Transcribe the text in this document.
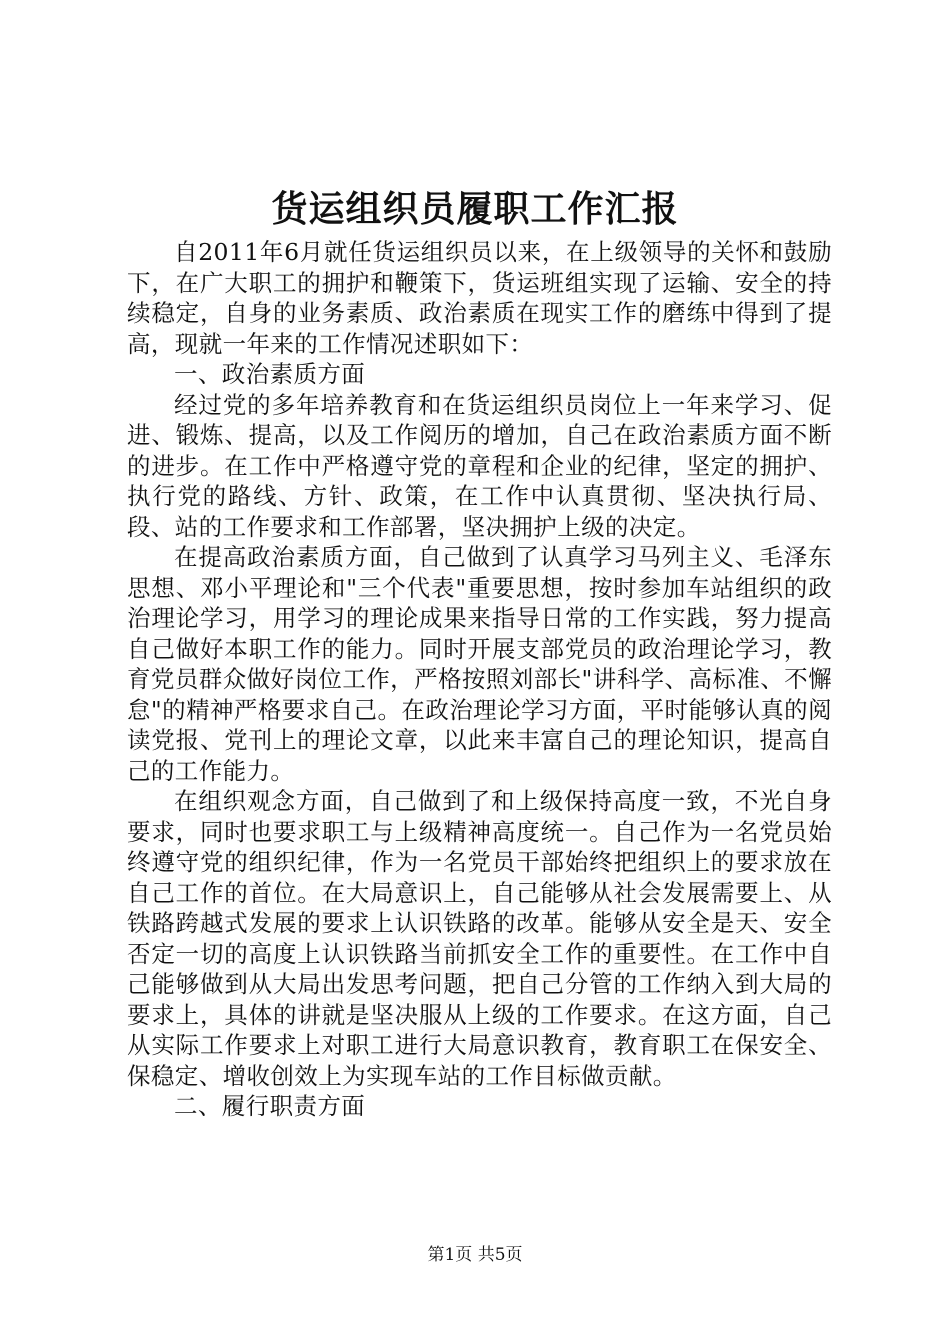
货运组织员履职工作汇报

自2011年6月就任货运组织员以来，在上级领导的关怀和鼓励下，在广大职工的拥护和鞭策下，货运班组实现了运输、安全的持续稳定，自身的业务素质、政治素质在现实工作的磨练中得到了提高，现就一年来的工作情况述职如下：

一、政治素质方面

经过党的多年培养教育和在货运组织员岗位上一年来学习、促进、锻炼、提高，以及工作阅历的增加，自己在政治素质方面不断的进步。在工作中严格遵守党的章程和企业的纪律，坚定的拥护、执行党的路线、方针、政策，在工作中认真贯彻、坚决执行局、段、站的工作要求和工作部署，坚决拥护上级的决定。

在提高政治素质方面，自己做到了认真学习马列主义、毛泽东思想、邓小平理论和"三个代表"重要思想，按时参加车站组织的政治理论学习，用学习的理论成果来指导日常的工作实践，努力提高自己做好本职工作的能力。同时开展支部党员的政治理论学习，教育党员群众做好岗位工作，严格按照刘部长"讲科学、高标准、不懈怠"的精神严格要求自己。在政治理论学习方面，平时能够认真的阅读党报、党刊上的理论文章，以此来丰富自己的理论知识，提高自己的工作能力。

在组织观念方面，自己做到了和上级保持高度一致，不光自身要求，同时也要求职工与上级精神高度统一。自己作为一名党员始终遵守党的组织纪律，作为一名党员干部始终把组织上的要求放在自己工作的首位。在大局意识上，自己能够从社会发展需要上、从铁路跨越式发展的要求上认识铁路的改革。能够从安全是天、安全否定一切的高度上认识铁路当前抓安全工作的重要性。在工作中自己能够做到从大局出发思考问题，把自己分管的工作纳入到大局的要求上，具体的讲就是坚决服从上级的工作要求。在这方面，自己从实际工作要求上对职工进行大局意识教育，教育职工在保安全、保稳定、增收创效上为实现车站的工作目标做贡献。

二、履行职责方面

第1页 共5页
